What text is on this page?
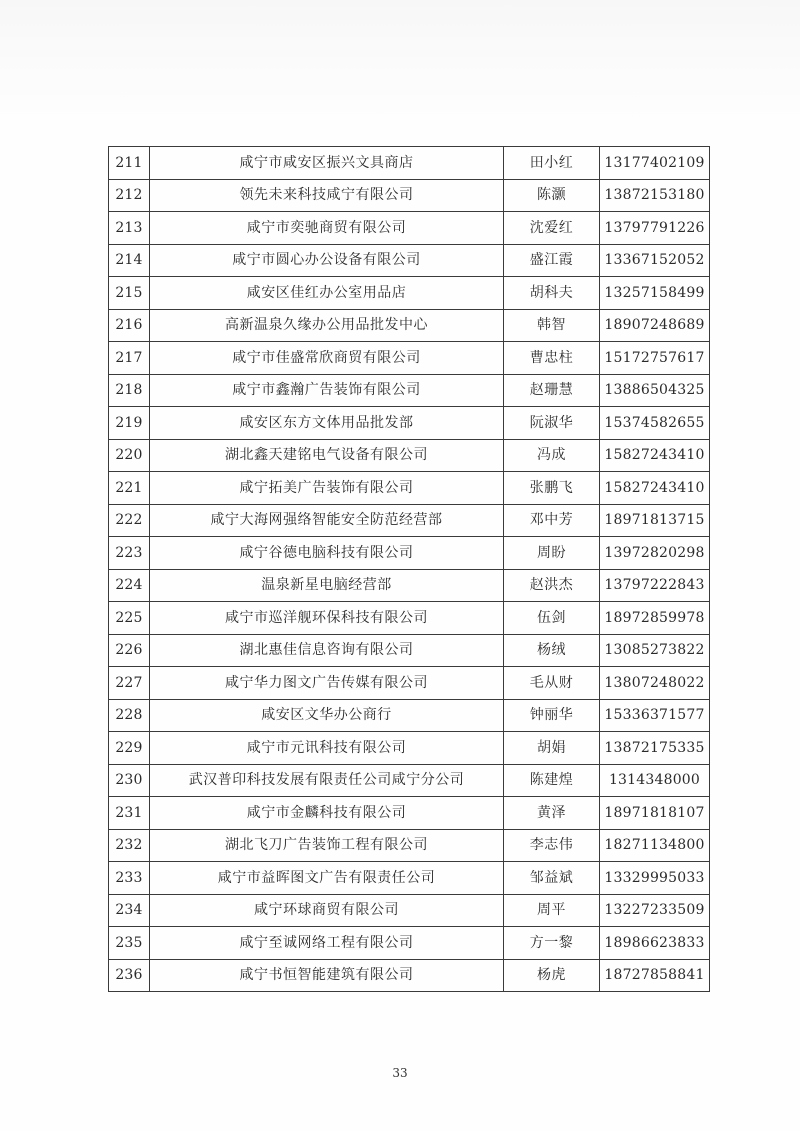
211	咸宁市咸安区振兴文具商店	田小红	13177402109
212	领先未来科技咸宁有限公司	陈灏	13872153180
213	咸宁市奕驰商贸有限公司	沈爱红	13797791226
214	咸宁市圆心办公设备有限公司	盛江霞	13367152052
215	咸安区佳红办公室用品店	胡科夫	13257158499
216	高新温泉久缘办公用品批发中心	韩智	18907248689
217	咸宁市佳盛常欣商贸有限公司	曹忠柱	15172757617
218	咸宁市鑫瀚广告装饰有限公司	赵珊慧	13886504325
219	咸安区东方文体用品批发部	阮淑华	15374582655
220	湖北鑫天建铭电气设备有限公司	冯成	15827243410
221	咸宁拓美广告装饰有限公司	张鹏飞	15827243410
222	咸宁大海网强络智能安全防范经营部	邓中芳	18971813715
223	咸宁谷德电脑科技有限公司	周盼	13972820298
224	温泉新星电脑经营部	赵洪杰	13797222843
225	咸宁市巡洋舰环保科技有限公司	伍剑	18972859978
226	湖北惠佳信息咨询有限公司	杨绒	13085273822
227	咸宁华力图文广告传媒有限公司	毛从财	13807248022
228	咸安区文华办公商行	钟丽华	15336371577
229	咸宁市元讯科技有限公司	胡娟	13872175335
230	武汉普印科技发展有限责任公司咸宁分公司	陈建煌	1314348000
231	咸宁市金麟科技有限公司	黄泽	18971818107
232	湖北飞刀广告装饰工程有限公司	李志伟	18271134800
233	咸宁市益晖图文广告有限责任公司	邹益斌	13329995033
234	咸宁环球商贸有限公司	周平	13227233509
235	咸宁至诚网络工程有限公司	方一黎	18986623833
236	咸宁书恒智能建筑有限公司	杨虎	18727858841
33
